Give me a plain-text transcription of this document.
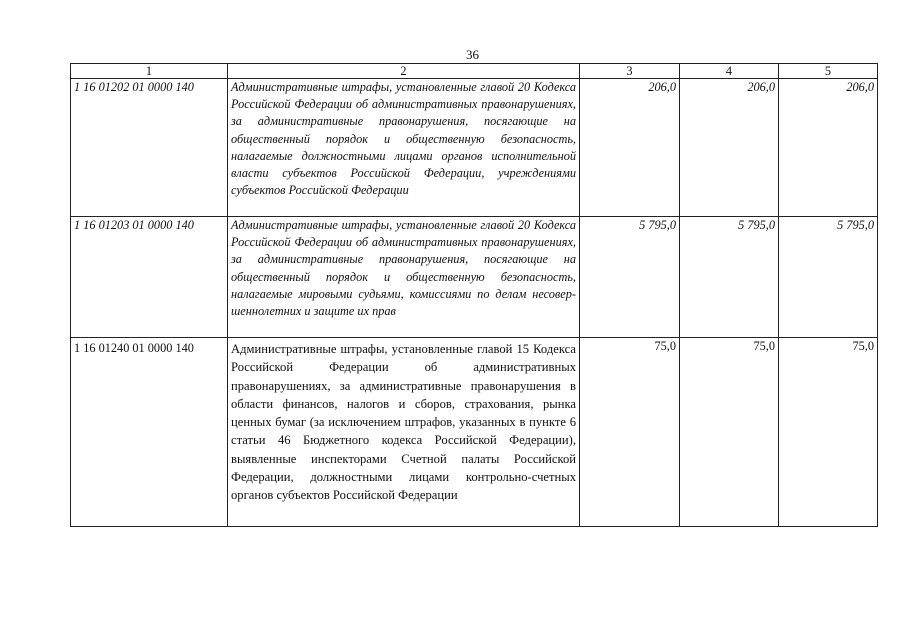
36
1	2	3	4	5
1 16 01202 01 0000 140	Административные штрафы, установленные главой 20 Кодекса Российской Федерации об административных правонарушениях, за административные правонарушения, посягающие на общественный порядок и общественную безопасность, налагаемые должностными лицами органов исполнительной власти субъектов Российской Федерации, учреждениями субъектов Российской Федерации	206,0	206,0	206,0
1 16 01203 01 0000 140	Административные штрафы, установленные главой 20 Кодекса Российской Федерации об административных правонарушениях, за административные правонарушения, посягающие на общественный порядок и общественную безопасность, налагаемые мировыми судьями, комиссиями по делам несовершеннолетних и защите их прав	5 795,0	5 795,0	5 795,0
1 16 01240 01 0000 140	Административные штрафы, установленные главой 15 Кодекса Российской Федерации об административных правонарушениях, за административные правонарушения в области финансов, налогов и сборов, страхования, рынка ценных бумаг (за исключением штрафов, указанных в пункте 6 статьи 46 Бюджетного кодекса Российской Федерации), выявленные инспекторами Счетной палаты Российской Федерации, должностными лицами контрольно-счетных органов субъектов Российской Федерации	75,0	75,0	75,0
